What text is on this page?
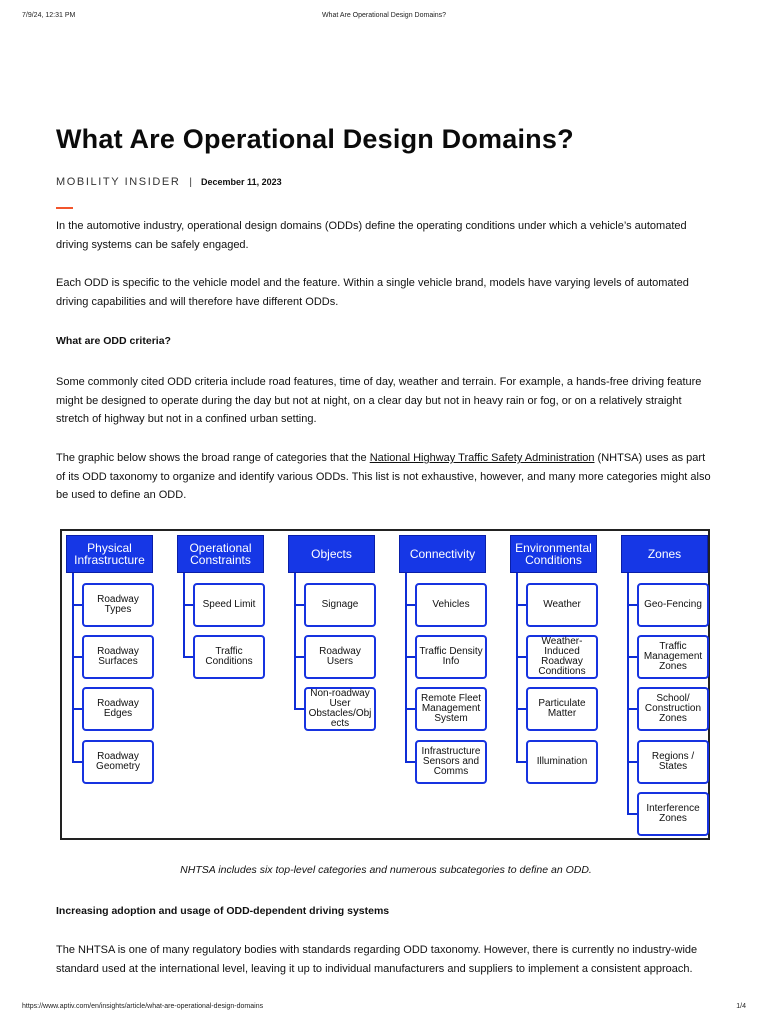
7/9/24, 12:31 PM	What Are Operational Design Domains?
What Are Operational Design Domains?
MOBILITY INSIDER | December 11, 2023

In the automotive industry, operational design domains (ODDs) define the operating conditions under which a vehicle’s automated driving systems can be safely engaged.

Each ODD is specific to the vehicle model and the feature. Within a single vehicle brand, models have varying levels of automated driving capabilities and will therefore have different ODDs.

What are ODD criteria?

Some commonly cited ODD criteria include road features, time of day, weather and terrain. For example, a hands-free driving feature might be designed to operate during the day but not at night, on a clear day but not in heavy rain or fog, or on a relatively straight stretch of highway but not in a confined urban setting.

The graphic below shows the broad range of categories that the National Highway Traffic Safety Administration (NHTSA) uses as part of its ODD taxonomy to organize and identify various ODDs. This list is not exhaustive, however, and many more categories might also be used to define an ODD.

Physical
Infrastructure
Roadway
Types
Roadway
Surfaces
Roadway
Edges
Roadway
Geometry
Operational
Constraints
Speed Limit
Traffic
Conditions
Objects
Signage
Roadway
Users
Non-roadway
User
Obstacles/Obj
ects
Connectivity
Vehicles
Traffic Density
Info
Remote Fleet
Management
System
Infrastructure
Sensors and
Comms
Environmental
Conditions
Weather
Weather-
Induced
Roadway
Conditions
Particulate
Matter
Illumination
Zones
Geo-Fencing
Traffic
Management
Zones
School/
Construction
Zones
Regions /
States
Interference
Zones

NHTSA includes six top-level categories and numerous subcategories to define an ODD.

Increasing adoption and usage of ODD-dependent driving systems

The NHTSA is one of many regulatory bodies with standards regarding ODD taxonomy. However, there is currently no industry-wide standard used at the international level, leaving it up to individual manufacturers and suppliers to implement a consistent approach.

https://www.aptiv.com/en/insights/article/what-are-operational-design-domains	1/4
